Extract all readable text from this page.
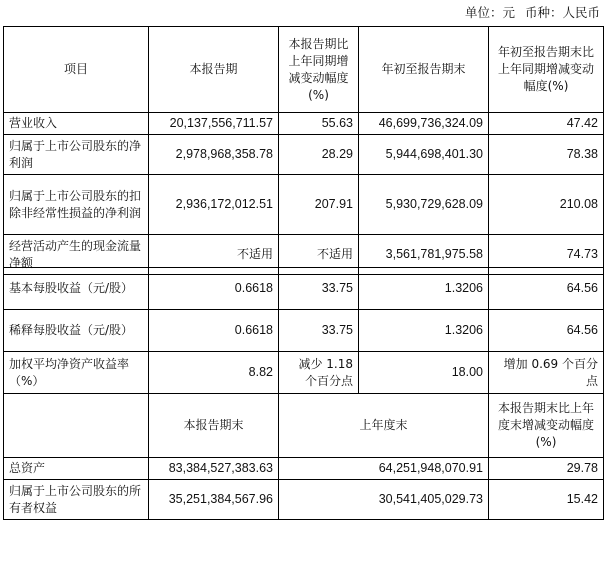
单位：元 币种：人民币
项目	本报告期	本报告期比上年同期增减变动幅度(%)	年初至报告期末	年初至报告期末比上年同期增减变动幅度(%)
营业收入	20,137,556,711.57	55.63	46,699,736,324.09	47.42
归属于上市公司股东的净利润	2,978,968,358.78	28.29	5,944,698,401.30	78.38
归属于上市公司股东的扣除非经常性损益的净利润	2,936,172,012.51	207.91	5,930,729,628.09	210.08
经营活动产生的现金流量净额	不适用	不适用	3,561,781,975.58	74.73
基本每股收益（元/股）	0.6618	33.75	1.3206	64.56
稀释每股收益（元/股）	0.6618	33.75	1.3206	64.56
加权平均净资产收益率（%）	8.82	减少 1.18 个百分点	18.00	增加 0.69 个百分点
	本报告期末	上年度末		本报告期末比上年度末增减变动幅度(%)
总资产	83,384,527,383.63	64,251,948,070.91		29.78
归属于上市公司股东的所有者权益	35,251,384,567.96	30,541,405,029.73		15.42
